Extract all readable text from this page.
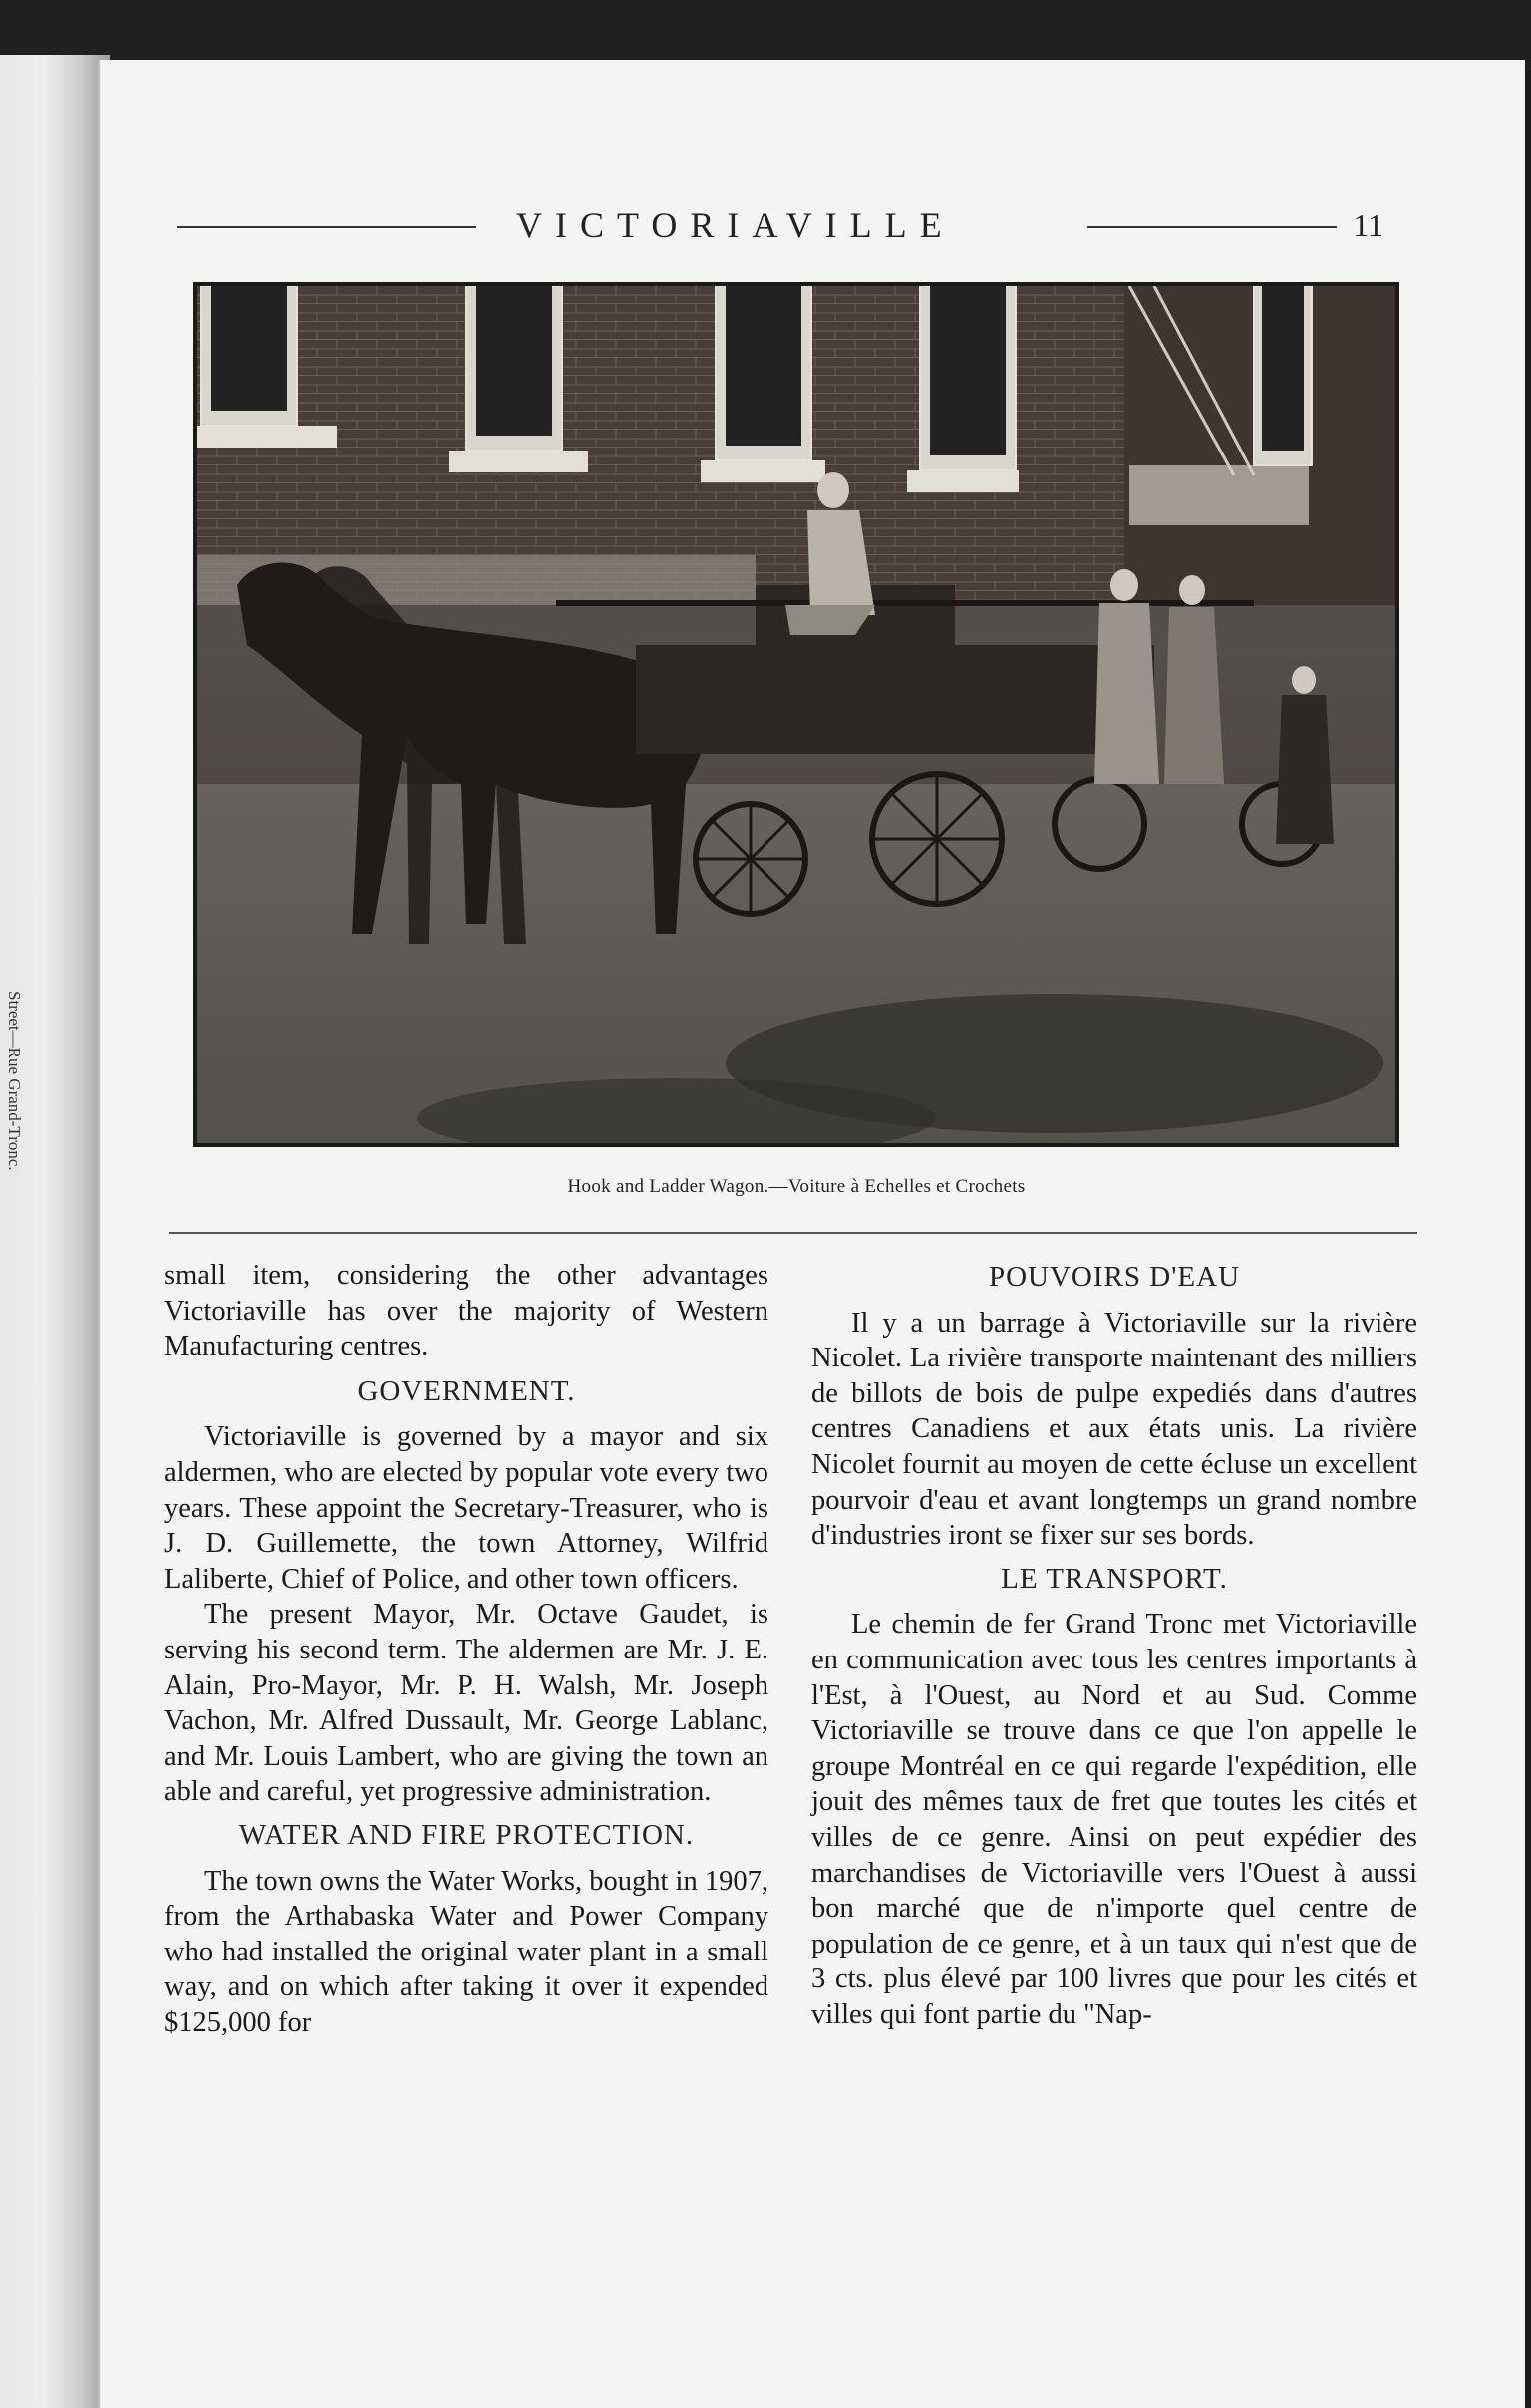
Street—Rue Grand-Tronc.
VICTORIAVILLE	11
Hook and Ladder Wagon.—Voiture à Echelles et Crochets

small item, considering the other advantages Victoriaville has over the majority of Western Manufacturing centres.

GOVERNMENT.

Victoriaville is governed by a mayor and six aldermen, who are elected by popular vote every two years. These appoint the Secretary-Treasurer, who is J. D. Guillemette, the town Attorney, Wilfrid Laliberte, Chief of Police, and other town officers.

The present Mayor, Mr. Octave Gaudet, is serving his second term. The aldermen are Mr. J. E. Alain, Pro-Mayor, Mr. P. H. Walsh, Mr. Joseph Vachon, Mr. Alfred Dussault, Mr. George Lablanc, and Mr. Louis Lambert, who are giving the town an able and careful, yet progressive administration.

WATER AND FIRE PROTECTION.

The town owns the Water Works, bought in 1907, from the Arthabaska Water and Power Company who had installed the original water plant in a small way, and on which after taking it over it expended $125,000 for

POUVOIRS D'EAU

Il y a un barrage à Victoriaville sur la rivière Nicolet. La rivière transporte maintenant des milliers de billots de bois de pulpe expediés dans d'autres centres Canadiens et aux états unis. La rivière Nicolet fournit au moyen de cette écluse un excellent pourvoir d'eau et avant longtemps un grand nombre d'industries iront se fixer sur ses bords.

LE TRANSPORT.

Le chemin de fer Grand Tronc met Victoriaville en communication avec tous les centres importants à l'Est, à l'Ouest, au Nord et au Sud. Comme Victoriaville se trouve dans ce que l'on appelle le groupe Montréal en ce qui regarde l'expédition, elle jouit des mêmes taux de fret que toutes les cités et villes de ce genre. Ainsi on peut expédier des marchandises de Victoriaville vers l'Ouest à aussi bon marché que de n'importe quel centre de population de ce genre, et à un taux qui n'est que de 3 cts. plus élevé par 100 livres que pour les cités et villes qui font partie du "Nap-
